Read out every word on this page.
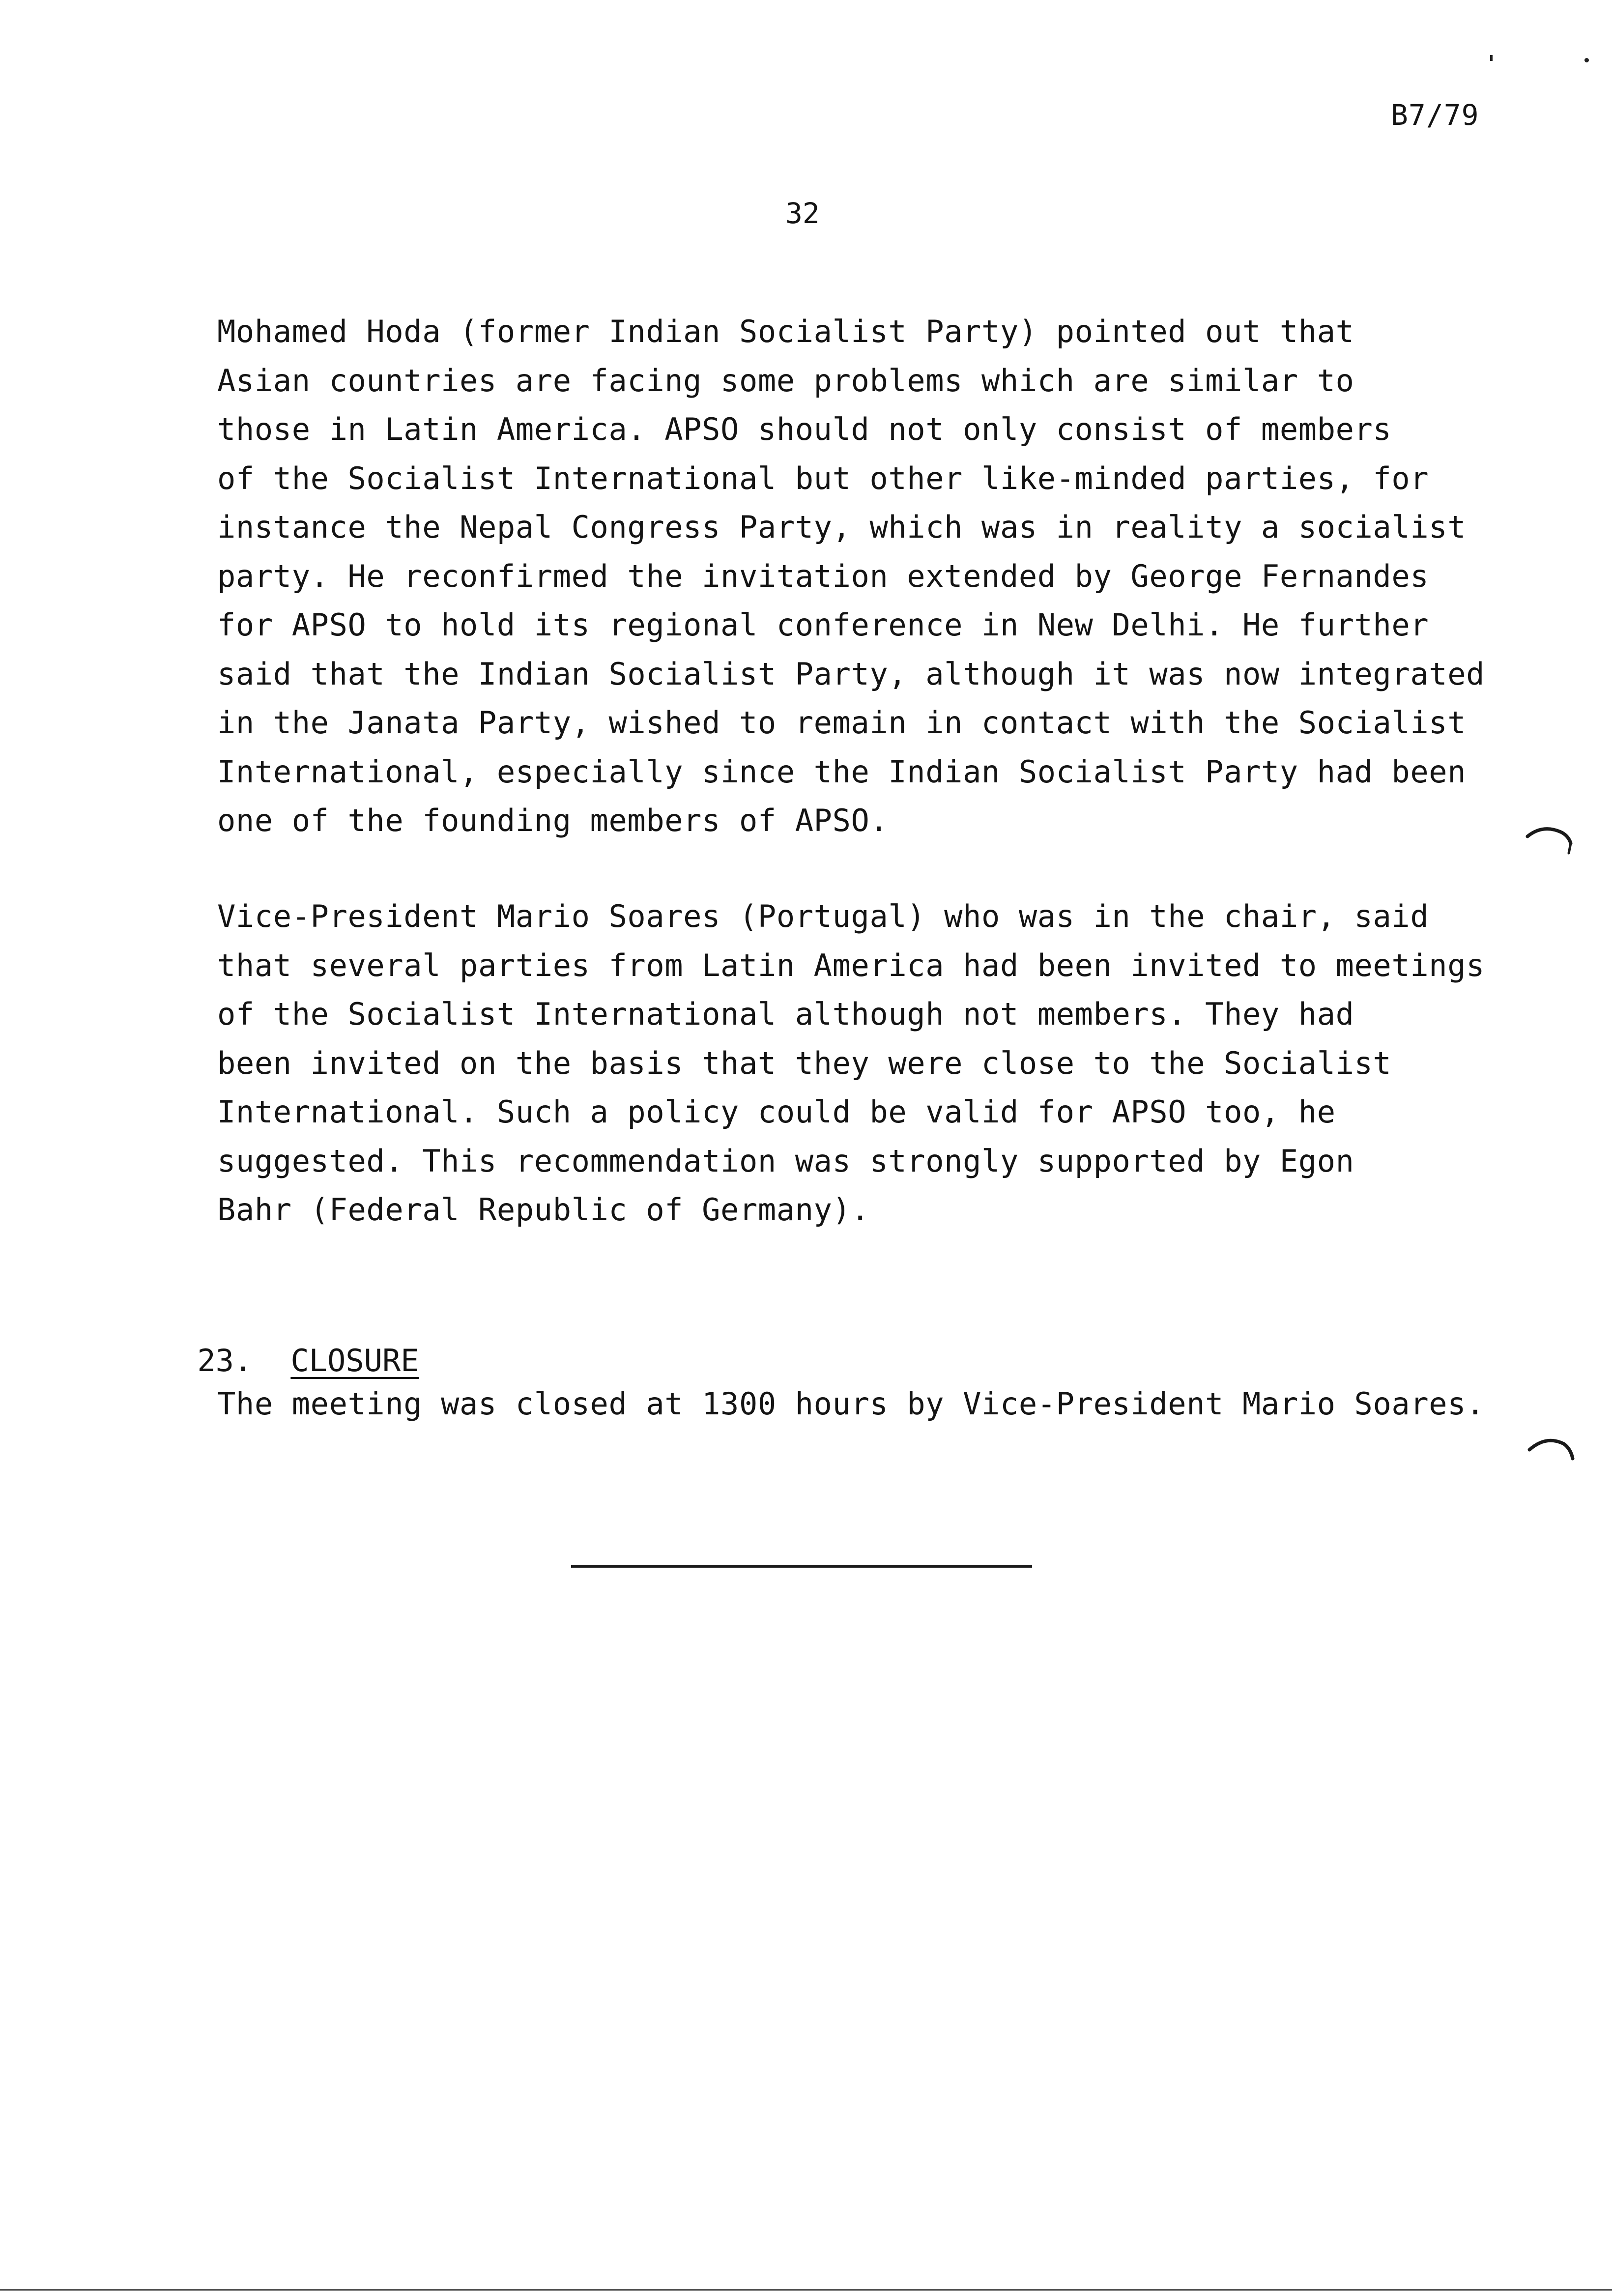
B7/79
32
Mohamed Hoda (former Indian Socialist Party) pointed out that
Asian countries are facing some problems which are similar to
those in Latin America. APSO should not only consist of members
of the Socialist International but other like-minded parties, for
instance the Nepal Congress Party, which was in reality a socialist
party. He reconfirmed the invitation extended by George Fernandes
for APSO to hold its regional conference in New Delhi. He further
said that the Indian Socialist Party, although it was now integrated
in the Janata Party, wished to remain in contact with the Socialist
International, especially since the Indian Socialist Party had been
one of the founding members of APSO.
Vice-President Mario Soares (Portugal) who was in the chair, said
that several parties from Latin America had been invited to meetings
of the Socialist International although not members. They had
been invited on the basis that they were close to the Socialist
International. Such a policy could be valid for APSO too, he
suggested. This recommendation was strongly supported by Egon
Bahr (Federal Republic of Germany).

23. CLOSURE

The meeting was closed at 1300 hours by Vice-President Mario Soares.
